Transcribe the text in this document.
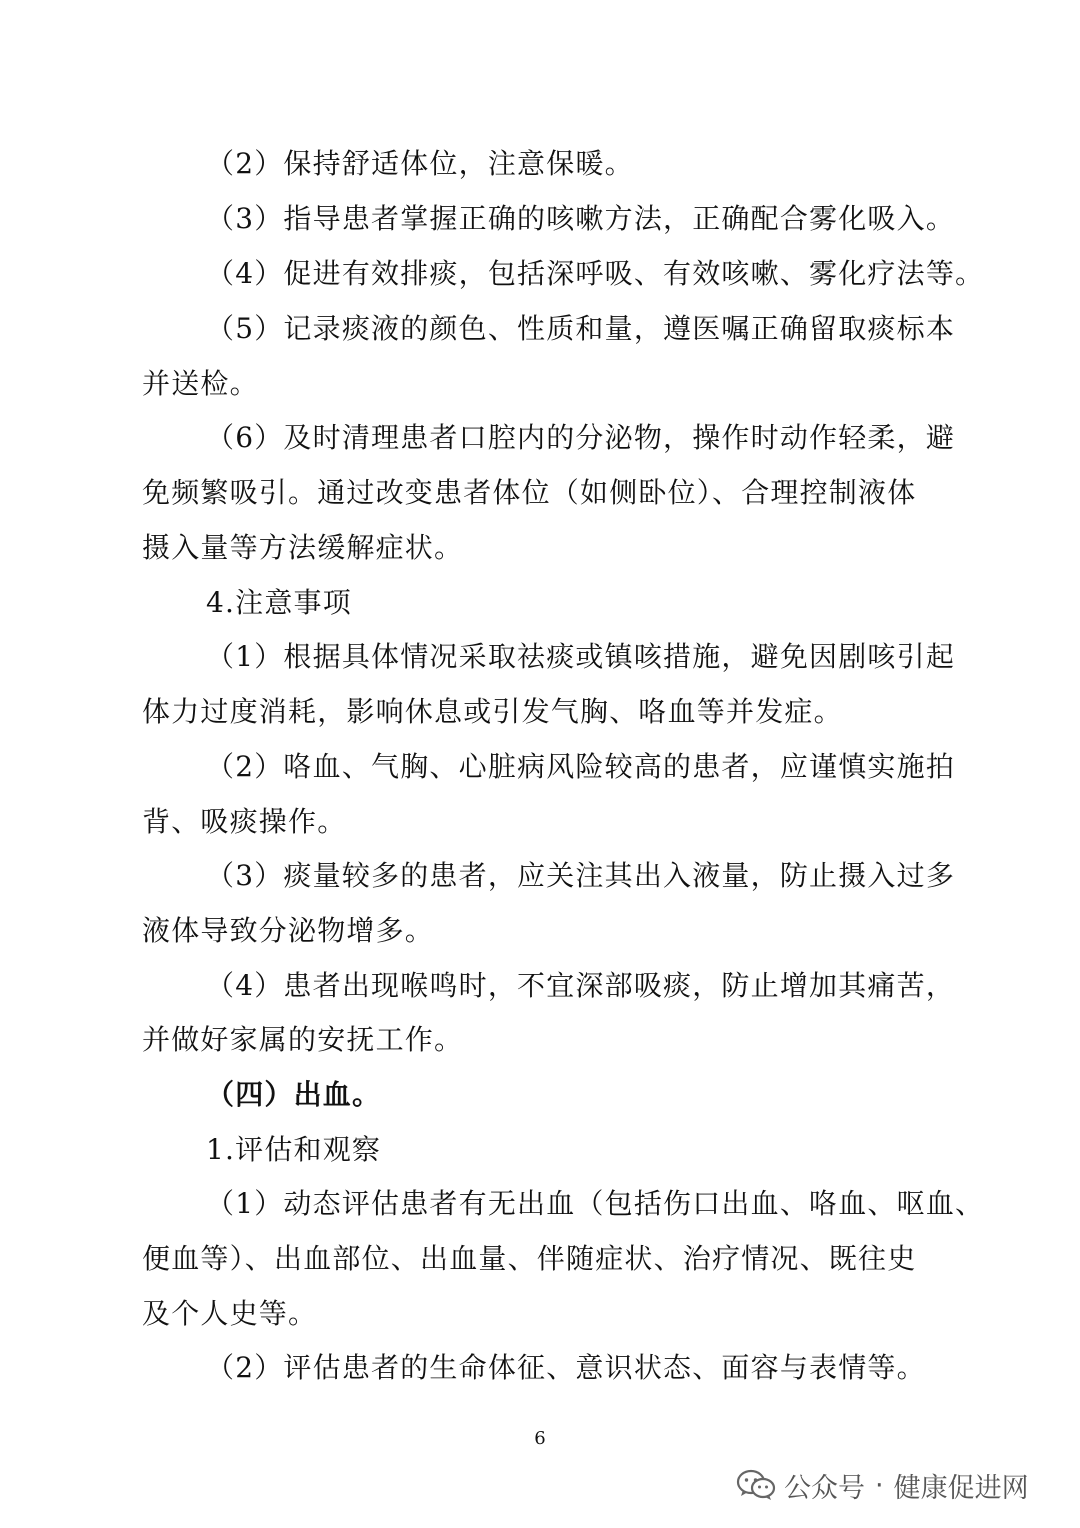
（2）保持舒适体位，注意保暖。
（3）指导患者掌握正确的咳嗽方法，正确配合雾化吸入。
（4）促进有效排痰，包括深呼吸、有效咳嗽、雾化疗法等。
（5）记录痰液的颜色、性质和量，遵医嘱正确留取痰标本
并送检。
（6）及时清理患者口腔内的分泌物，操作时动作轻柔，避
免频繁吸引。通过改变患者体位（如侧卧位）、合理控制液体
摄入量等方法缓解症状。
4.注意事项
（1）根据具体情况采取祛痰或镇咳措施，避免因剧咳引起
体力过度消耗，影响休息或引发气胸、咯血等并发症。
（2）咯血、气胸、心脏病风险较高的患者，应谨慎实施拍
背、吸痰操作。
（3）痰量较多的患者，应关注其出入液量，防止摄入过多
液体导致分泌物增多。
（4）患者出现喉鸣时，不宜深部吸痰，防止增加其痛苦，
并做好家属的安抚工作。
（四）出血。
1.评估和观察
（1）动态评估患者有无出血（包括伤口出血、咯血、呕血、
便血等）、出血部位、出血量、伴随症状、治疗情况、既往史
及个人史等。
（2）评估患者的生命体征、意识状态、面容与表情等。
6
公众号 · 健康促进网
